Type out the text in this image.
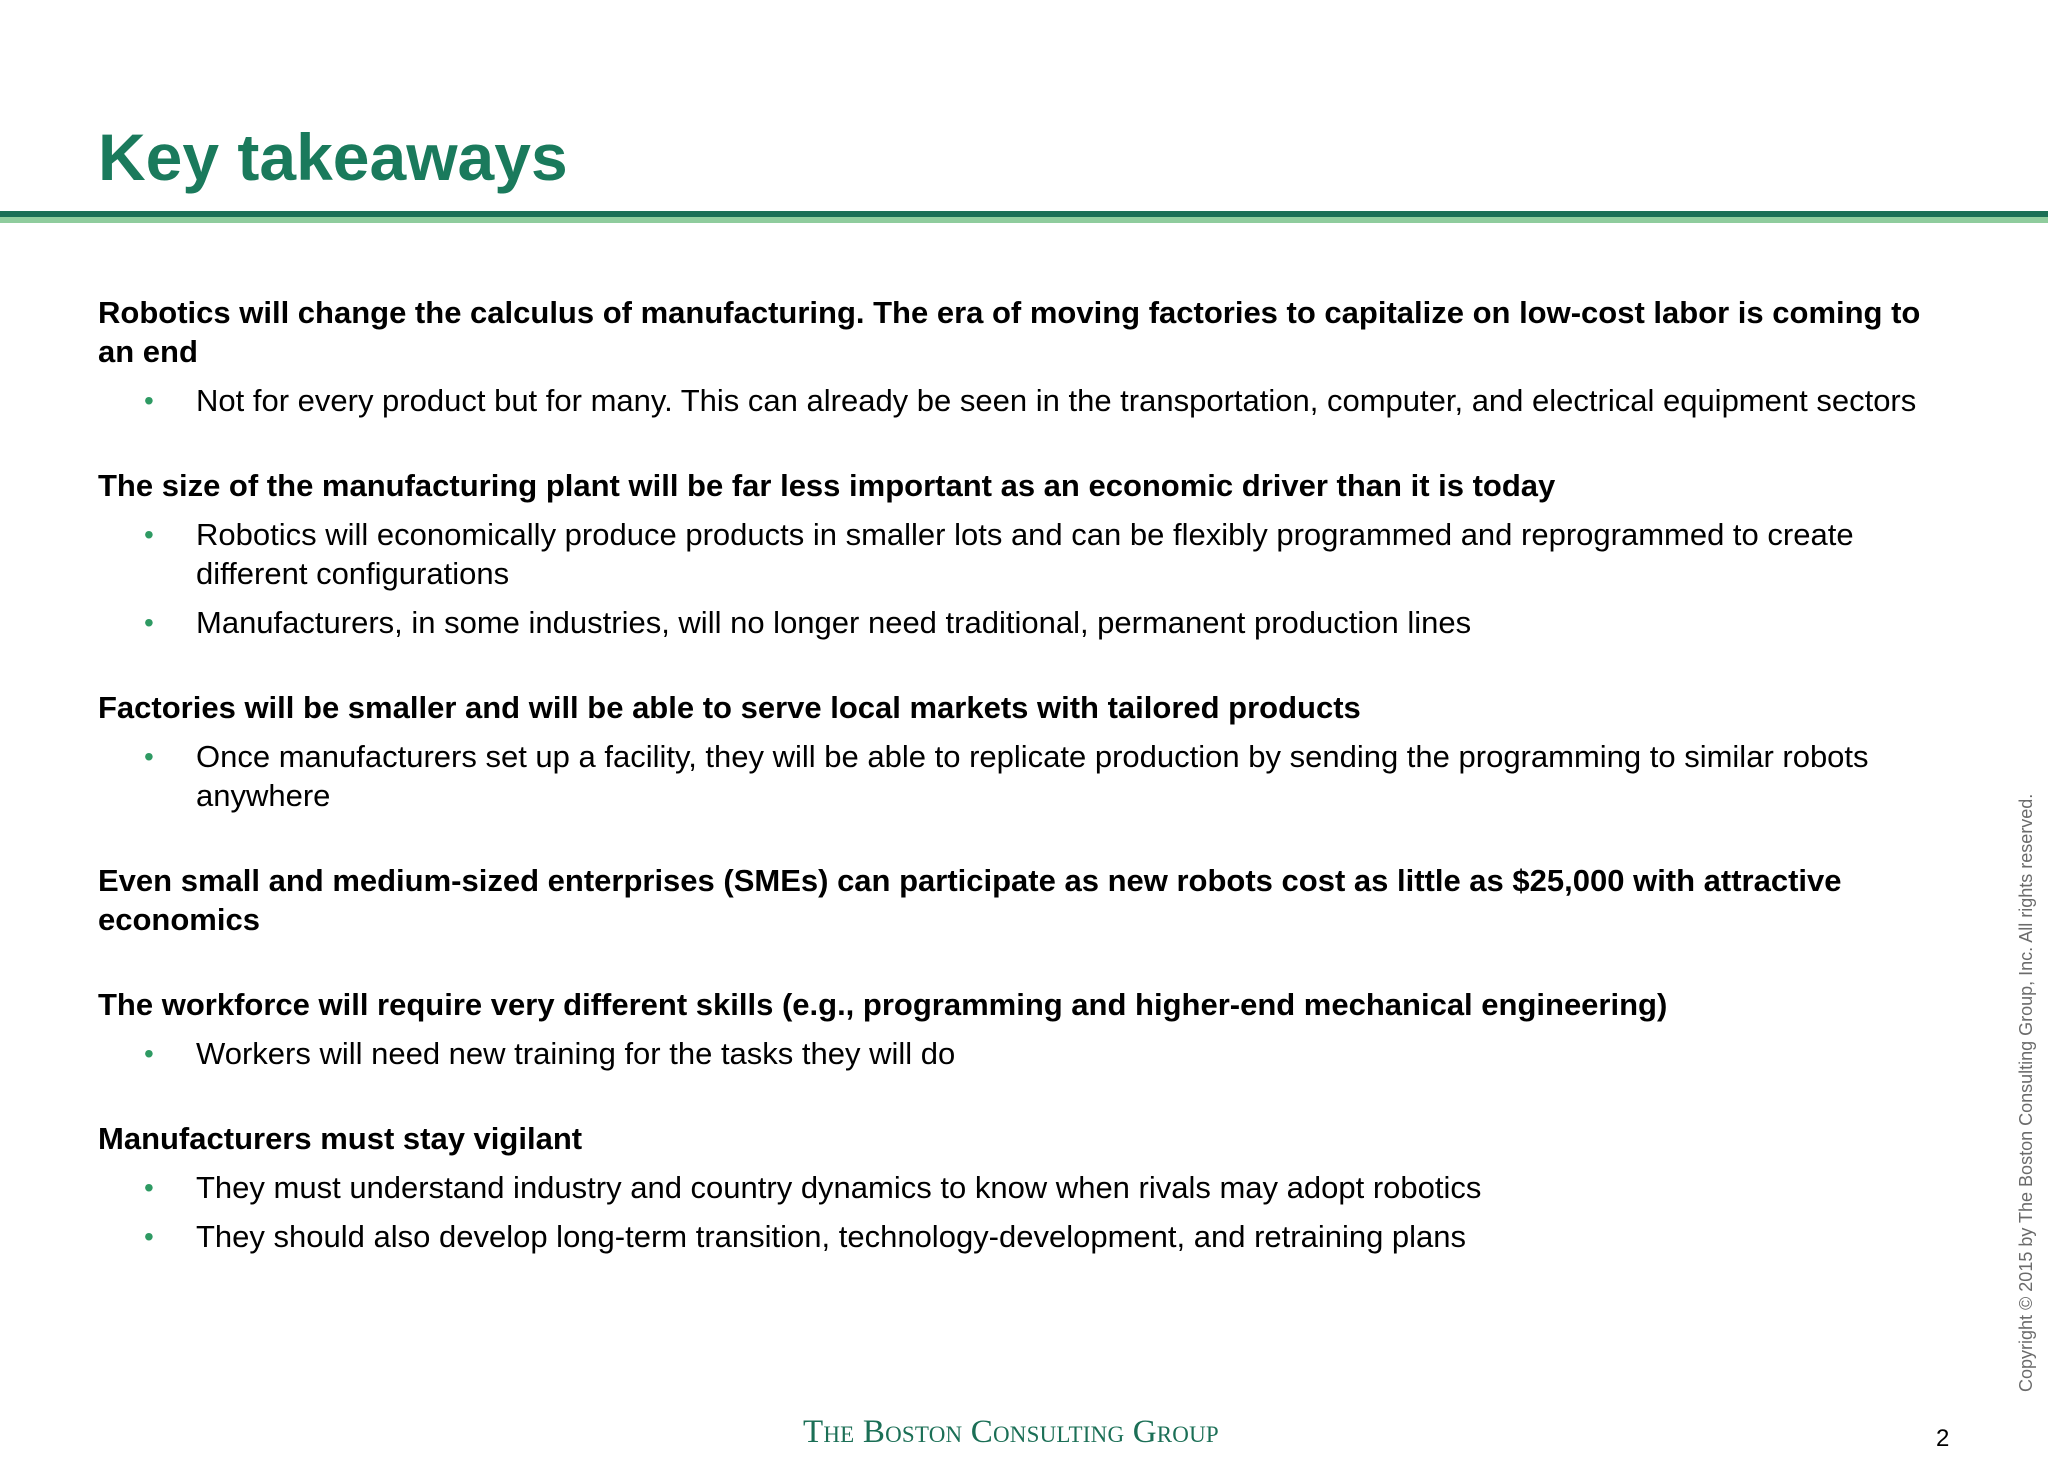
Key takeaways

Robotics will change the calculus of manufacturing. The era of moving factories to capitalize on low-cost labor is coming to an end

• Not for every product but for many. This can already be seen in the transportation, computer, and electrical equipment sectors

The size of the manufacturing plant will be far less important as an economic driver than it is today

• Robotics will economically produce products in smaller lots and can be flexibly programmed and reprogrammed to create different configurations
• Manufacturers, in some industries, will no longer need traditional, permanent production lines

Factories will be smaller and will be able to serve local markets with tailored products

• Once manufacturers set up a facility, they will be able to replicate production by sending the programming to similar robots anywhere

Even small and medium-sized enterprises (SMEs) can participate as new robots cost as little as $25,000 with attractive economics

The workforce will require very different skills (e.g., programming and higher-end mechanical engineering)

• Workers will need new training for the tasks they will do

Manufacturers must stay vigilant

• They must understand industry and country dynamics to know when rivals may adopt robotics
• They should also develop long-term transition, technology-development, and retraining plans	Copyright © 2015 by The Boston Consulting Group, Inc. All rights reserved.
The Boston Consulting Group	2
